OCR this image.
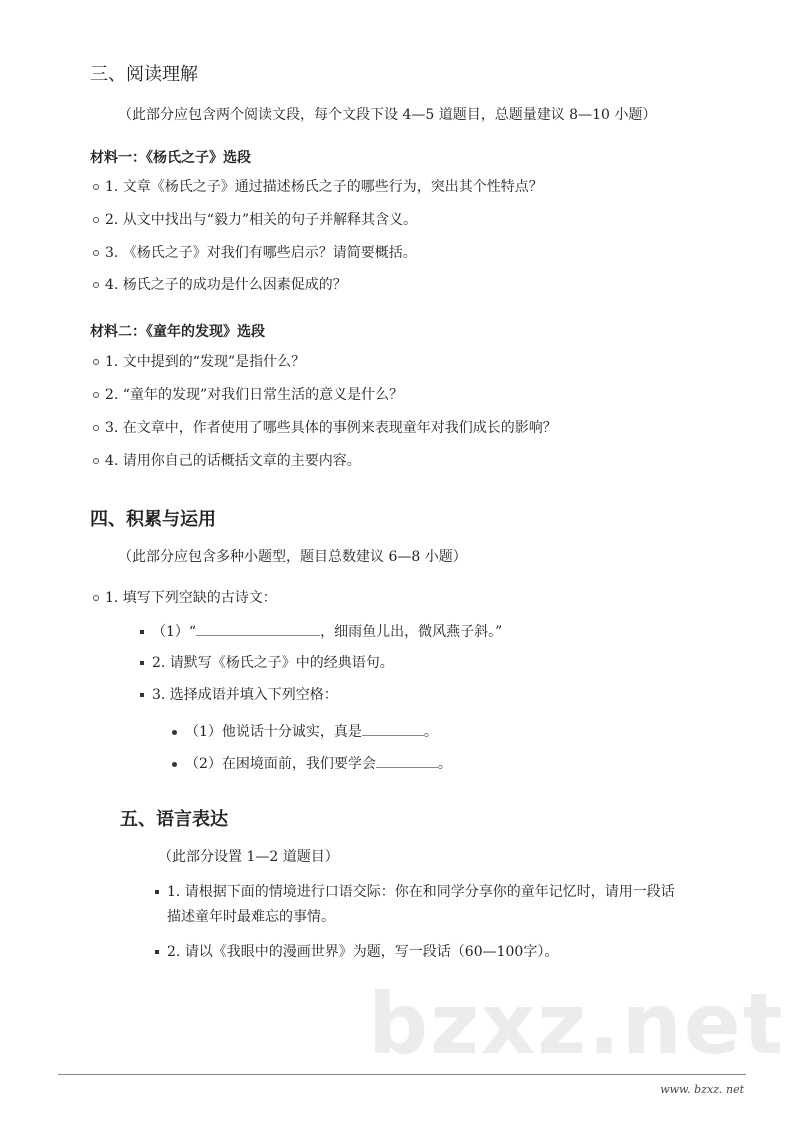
三、阅读理解
（此部分应包含两个阅读文段，每个文段下设 4—5 道题目，总题量建议 8—10 小题）
材料一：《杨氏之子》选段
1. 文章《杨氏之子》通过描述杨氏之子的哪些行为，突出其个性特点？
2. 从文中找出与“毅力”相关的句子并解释其含义。
3. 《杨氏之子》对我们有哪些启示？请简要概括。
4. 杨氏之子的成功是什么因素促成的？
材料二：《童年的发现》选段
1. 文中提到的“发现”是指什么？
2. “童年的发现”对我们日常生活的意义是什么？
3. 在文章中，作者使用了哪些具体的事例来表现童年对我们成长的影响？
4. 请用你自己的话概括文章的主要内容。
四、积累与运用
（此部分应包含多种小题型，题目总数建议 6—8 小题）
1. 填写下列空缺的古诗文：
（1）“	，细雨鱼儿出，微风燕子斜。”
2. 请默写《杨氏之子》中的经典语句。
3. 选择成语并填入下列空格：
（1）他说话十分诚实，真是	。
（2）在困境面前，我们要学会	。
五、语言表达
（此部分设置 1—2 道题目）
1. 请根据下面的情境进行口语交际：你在和同学分享你的童年记忆时，请用一段话
描述童年时最难忘的事情。
2. 请以《我眼中的漫画世界》为题，写一段话（60—100字）。
bzxz.net
www. bzxz. net
